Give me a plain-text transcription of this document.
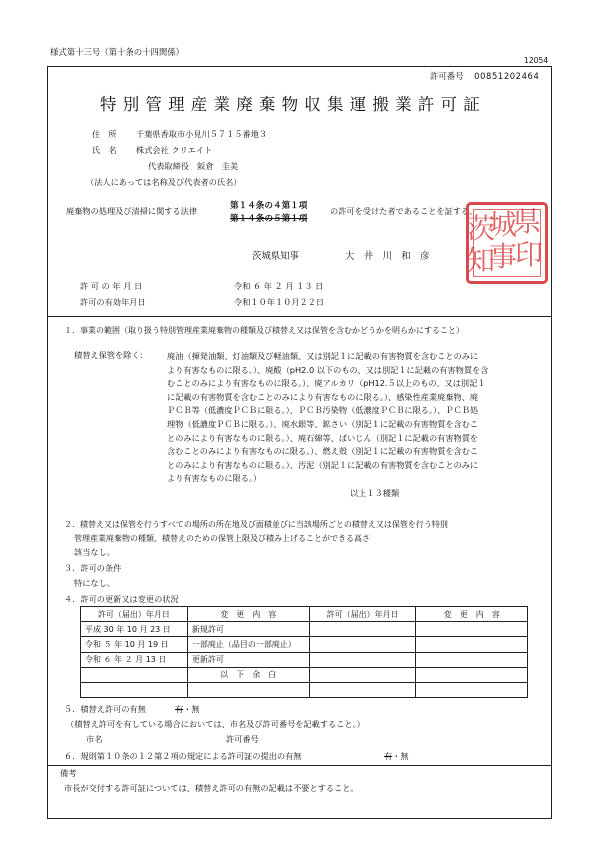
様式第十三号（第十条の十四関係）
12054
許可番号 00851202464
特別管理産業廃棄物収集運搬業許可証
住　所 千葉県香取市小見川５７１５番地３
氏　名 株式会社 クリエイト
代表取締役　阪倉　圭美
（法人にあっては名称及び代表者の氏名）
廃棄物の処理及び清掃に関する法律	第１４条の４第１項
第１４条の５第１項
の許可を受けた者であることを証する。
茨城県知事	大　井　川　和　彦
県
城
印
事
茨
知
許 可 の 年 月 日	令和 ６ 年 ２ 月 １３ 日
許可の有効年月日	令和１０年１０月２２日
１．事業の範囲（取り扱う特別管理産業廃棄物の種類及び積替え又は保管を含むかどうかを明らかにすること）
積替え保管を除く： 廃油（揮発油類、灯油類及び軽油類、又は別記１に記載の有害物質を含むことのみに
より有害なものに限る。）、廃酸（pH2.0 以下のもの、又は別記１に記載の有害物質を含
むことのみにより有害なものに限る。）、廃アルカリ（pH12.５以上のもの、又は別記１
に記載の有害物質を含むことのみにより有害なものに限る。）、感染性産業廃棄物、廃
ＰＣＢ等（低濃度ＰＣＢに限る。）、ＰＣＢ汚染物（低濃度ＰＣＢに限る。）、ＰＣＢ処
理物（低濃度ＰＣＢに限る。）、廃水銀等、鉱さい（別記１に記載の有害物質を含むこ
とのみにより有害なものに限る。）、廃石綿等、ばいじん（別記１に記載の有害物質を
含むことのみにより有害なものに限る。）、燃え殻（別記１に記載の有害物質を含むこ
とのみにより有害なものに限る。）、汚泥（別記１に記載の有害物質を含むことのみに
より有害なものに限る。）
以上１３種類
２．積替え又は保管を行うすべての場所の所在地及び面積並びに当該場所ごとの積替え又は保管を行う特別
管理産業廃棄物の種類、積替えのための保管上限及び積み上げることができる高さ
該当なし。
３．許可の条件
特になし。
４．許可の更新又は変更の状況
許可（届出）年月日	変　更　内　容	許可（届出）年月日	変　更　内　容
平成 30 年 10 月 23 日	新規許可		
令和 ５ 年 10 月 19 日	一部廃止（品目の一部廃止）		
令和 ６ 年 ２ 月 13 日	更新許可		
	以　下　余　白		

５．積替え許可の有無	有・無
（積替え許可を有している場合においては、市名及び許可番号を記載すること。）
市名	許可番号
６．規則第１０条の１２第２項の規定による許可証の提出の有無	有・無
備考
市長が交付する許可証については、積替え許可の有無の記載は不要とすること。
